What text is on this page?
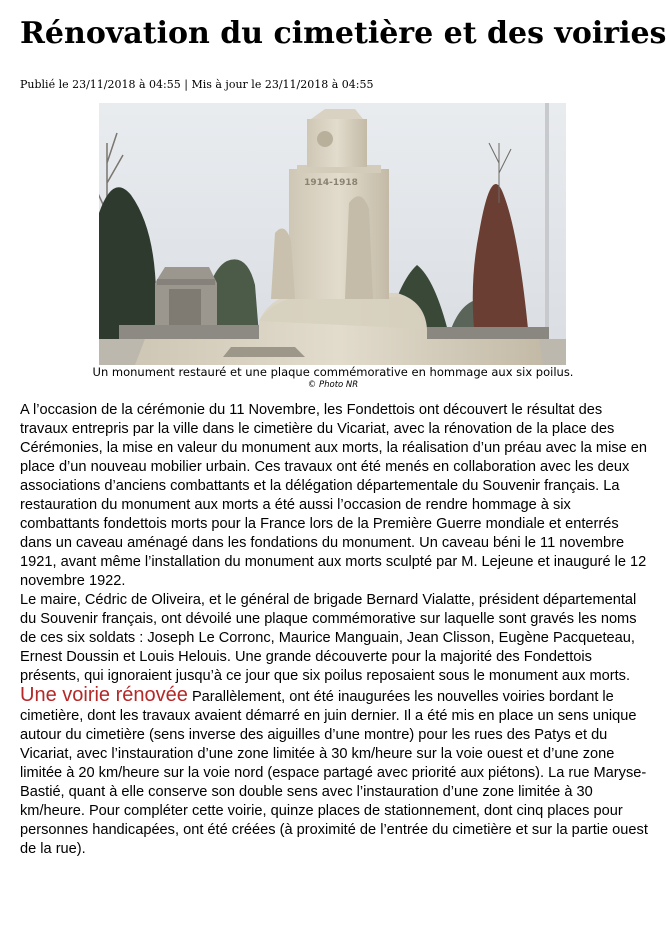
Rénovation du cimetière et des voiries
Publié le 23/11/2018 à 04:55 | Mis à jour le 23/11/2018 à 04:55
1914-1918
Un monument restauré et une plaque commémorative en hommage aux six poilus.
© Photo NR

A l’occasion de la cérémonie du 11 Novembre, les Fondettois ont découvert le résultat des travaux entrepris par la ville dans le cimetière du Vicariat, avec la rénovation de la place des Cérémonies, la mise en valeur du monument aux morts, la réalisation d’un préau avec la mise en place d’un nouveau mobilier urbain. Ces travaux ont été menés en collaboration avec les deux associations d’anciens combattants et la délégation départementale du Souvenir français. La restauration du monument aux morts a été aussi l’occasion de rendre hommage à six combattants fondettois morts pour la France lors de la Première Guerre mondiale et enterrés dans un caveau aménagé dans les fondations du monument. Un caveau béni le 11 novembre 1921, avant même l’installation du monument aux morts sculpté par M. Lejeune et inauguré le 12 novembre 1922.

Le maire, Cédric de Oliveira, et le général de brigade Bernard Vialatte, président départemental du Souvenir français, ont dévoilé une plaque commémorative sur laquelle sont gravés les noms de ces six soldats : Joseph Le Corronc, Maurice Manguain, Jean Clisson, Eugène Pacqueteau, Ernest Doussin et Louis Helouis. Une grande découverte pour la majorité des Fondettois présents, qui ignoraient jusqu’à ce jour que six poilus reposaient sous le monument aux morts.

Une voirie rénovée Parallèlement, ont été inaugurées les nouvelles voiries bordant le cimetière, dont les travaux avaient démarré en juin dernier. Il a été mis en place un sens unique autour du cimetière (sens inverse des aiguilles d’une montre) pour les rues des Patys et du Vicariat, avec l’instauration d’une zone limitée à 30 km/heure sur la voie ouest et d’une zone limitée à 20 km/heure sur la voie nord (espace partagé avec priorité aux piétons). La rue Maryse-Bastié, quant à elle conserve son double sens avec l’instauration d’une zone limitée à 30 km/heure. Pour compléter cette voirie, quinze places de stationnement, dont cinq places pour personnes handicapées, ont été créées (à proximité de l’entrée du cimetière et sur la partie ouest de la rue).
